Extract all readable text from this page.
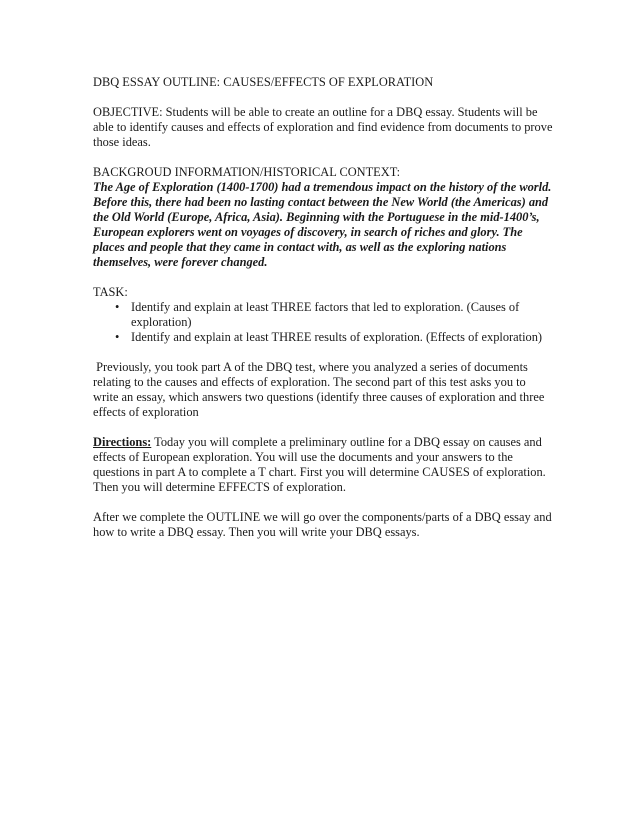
DBQ ESSAY OUTLINE: CAUSES/EFFECTS OF EXPLORATION

OBJECTIVE: Students will be able to create an outline for a DBQ essay. Students will be able to identify causes and effects of exploration and find evidence from documents to prove those ideas.

BACKGROUD INFORMATION/HISTORICAL CONTEXT:

The Age of Exploration (1400-1700) had a tremendous impact on the history of the world. Before this, there had been no lasting contact between the New World (the Americas) and the Old World (Europe, Africa, Asia). Beginning with the Portuguese in the mid-1400’s, European explorers went on voyages of discovery, in search of riches and glory. The places and people that they came in contact with, as well as the exploring nations themselves, were forever changed.

TASK:

• Identify and explain at least THREE factors that led to exploration. (Causes of exploration)
• Identify and explain at least THREE results of exploration. (Effects of exploration)

Previously, you took part A of the DBQ test, where you analyzed a series of documents relating to the causes and effects of exploration. The second part of this test asks you to write an essay, which answers two questions (identify three causes of exploration and three effects of exploration

Directions: Today you will complete a preliminary outline for a DBQ essay on causes and effects of European exploration. You will use the documents and your answers to the questions in part A to complete a T chart. First you will determine CAUSES of exploration. Then you will determine EFFECTS of exploration.

After we complete the OUTLINE we will go over the components/parts of a DBQ essay and how to write a DBQ essay. Then you will write your DBQ essays.
